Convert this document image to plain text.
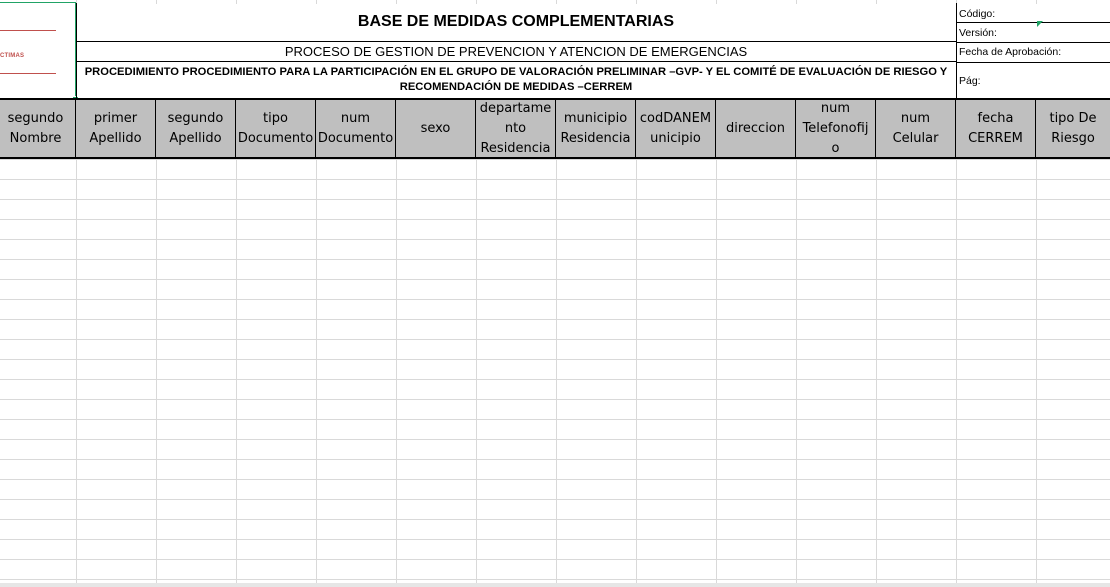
CTIMAS
BASE DE MEDIDAS COMPLEMENTARIAS
PROCESO DE GESTION DE PREVENCION Y ATENCION DE EMERGENCIAS
PROCEDIMIENTO PROCEDIMIENTO PARA LA PARTICIPACIÓN EN EL GRUPO DE VALORACIÓN PRELIMINAR –GVP- Y EL COMITÉ DE EVALUACIÓN DE RIESGO Y
RECOMENDACIÓN DE MEDIDAS –CERREM
Código:
Versión:
Fecha de Aprobación:
Pág:
segundo
Nombre
primer
Apellido
segundo
Apellido
tipo
Documento
num
Documento
sexo
departame
nto
Residencia
municipio
Residencia
codDANEM
unicipio
direccion
num
Telefonofij
o
num Celular
fecha
CERREM
tipo De
Riesgo
